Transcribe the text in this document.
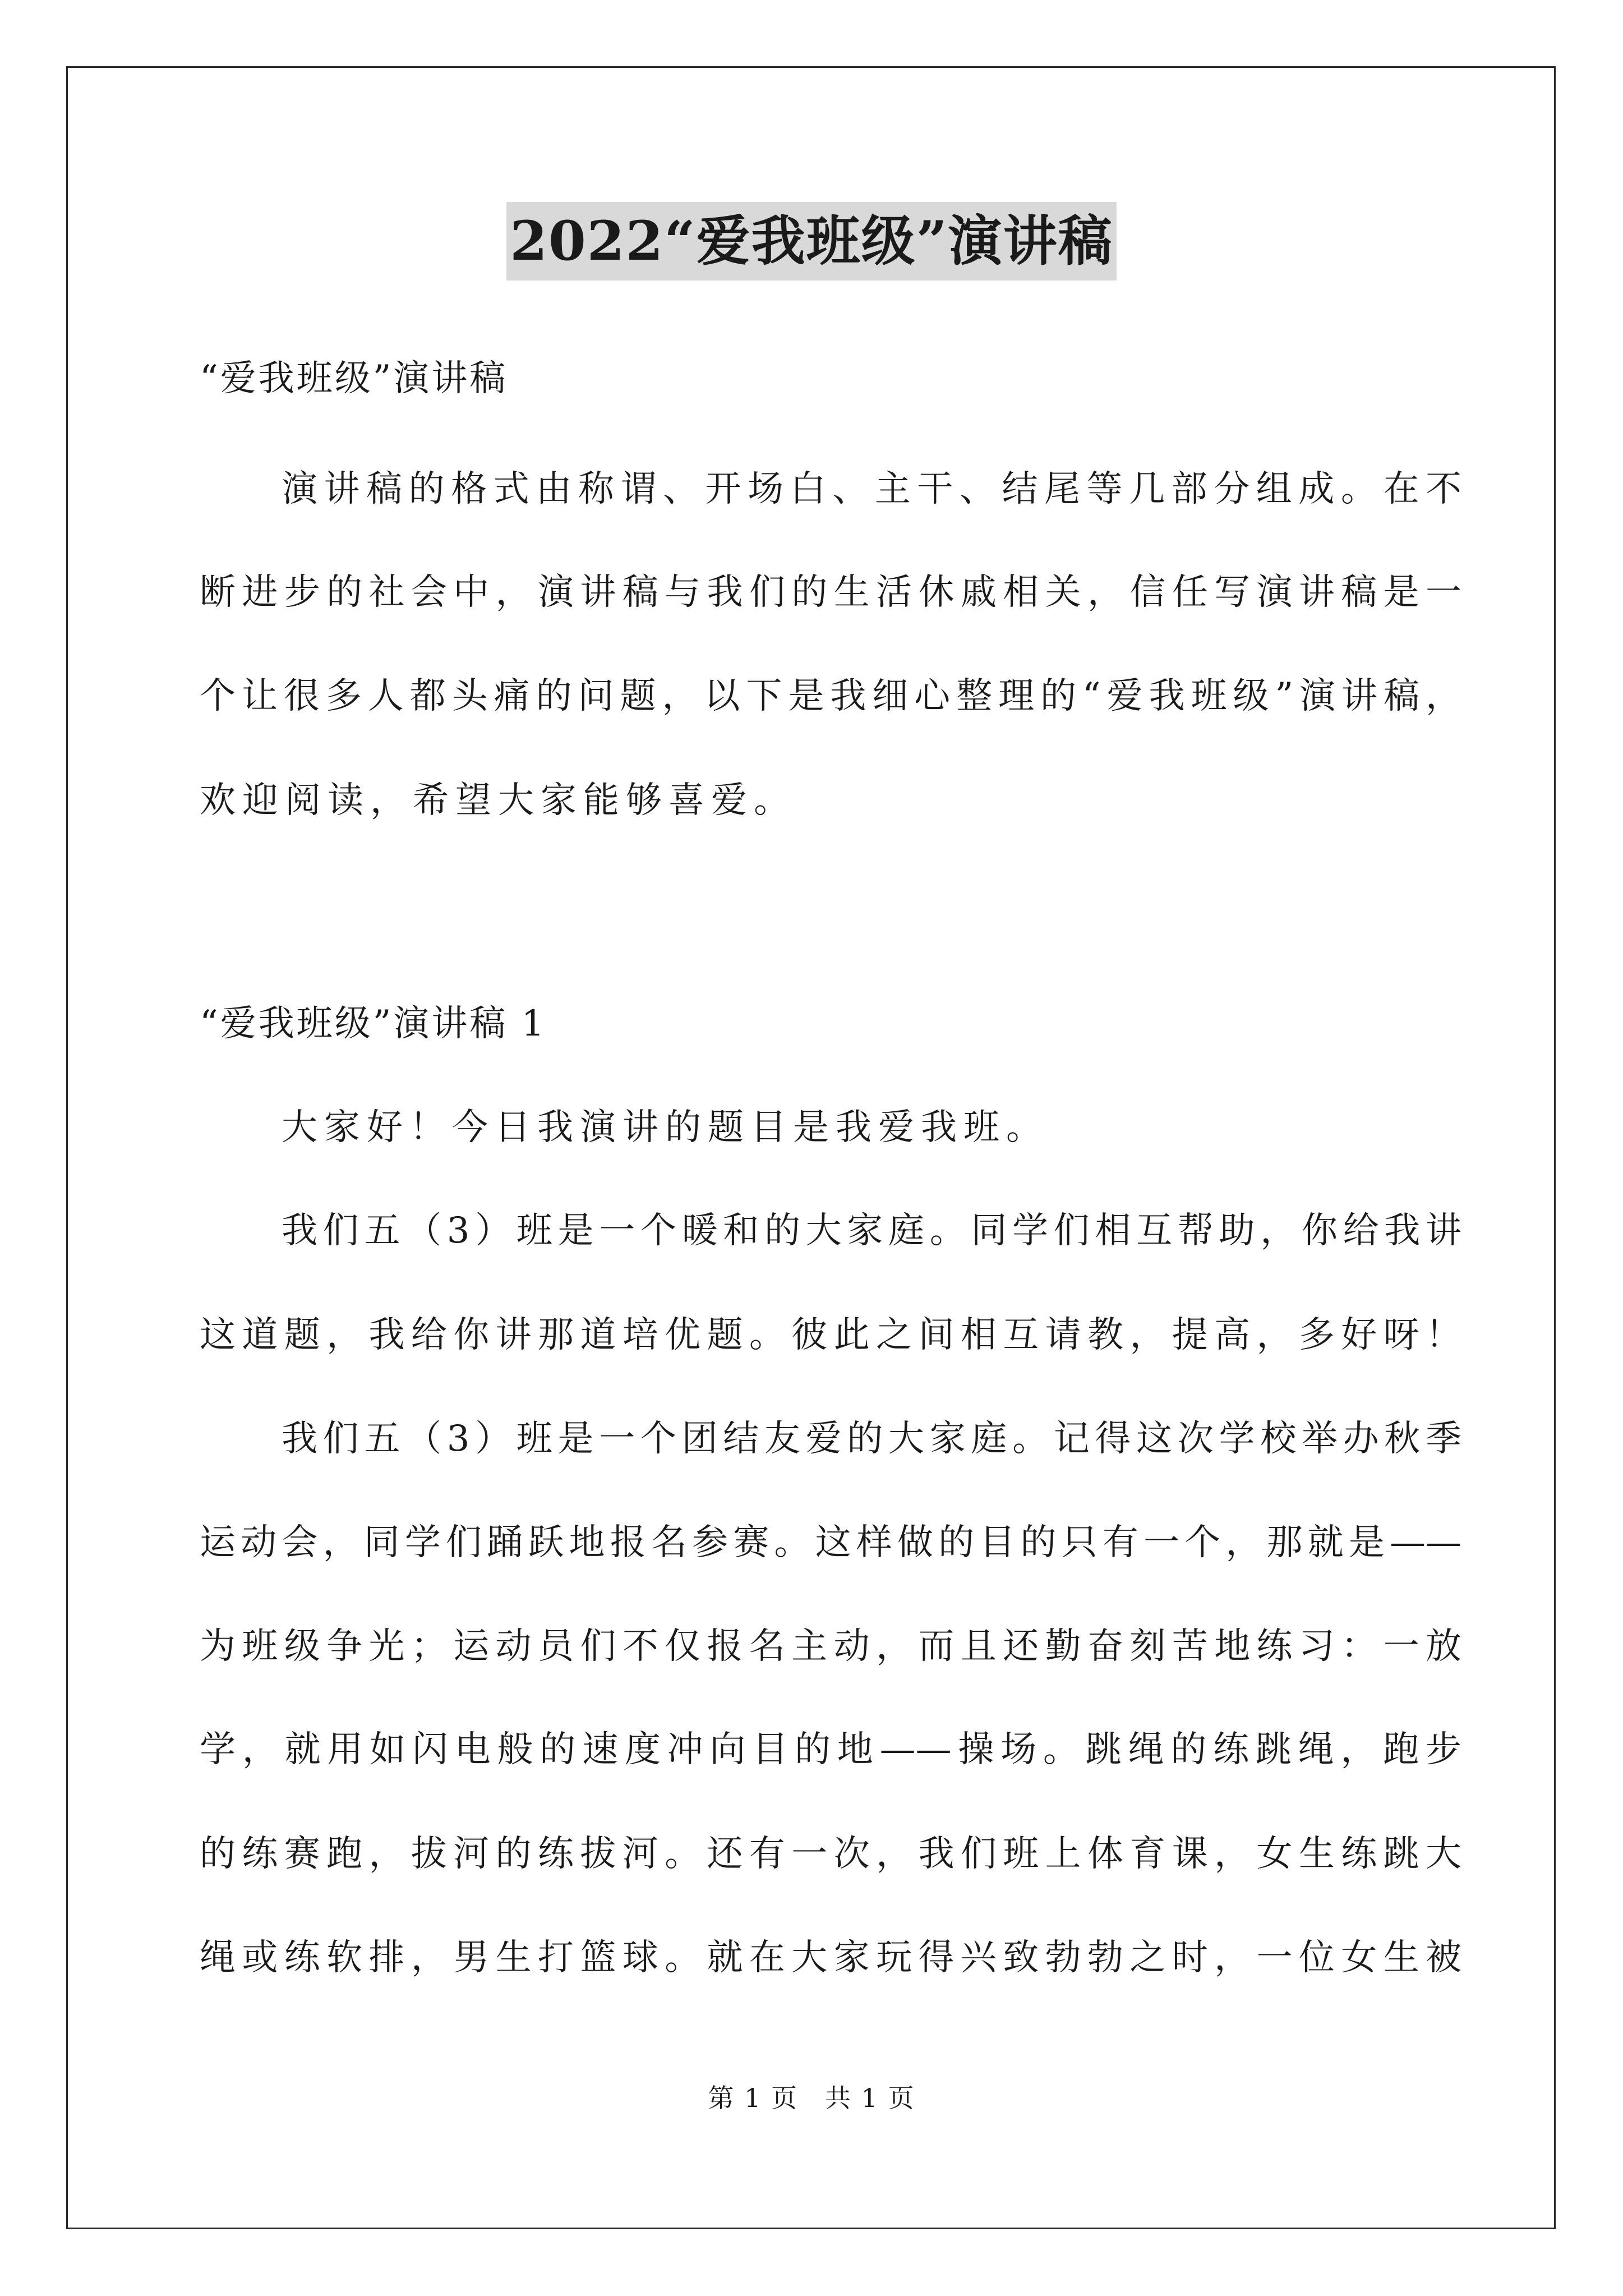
2022“爱我班级”演讲稿
“爱我班级”演讲稿
演讲稿的格式由称谓、开场白、主干、结尾等几部分组成。在不
断进步的社会中，演讲稿与我们的生活休戚相关，信任写演讲稿是一
个让很多人都头痛的问题，以下是我细心整理的“爱我班级”演讲稿，
欢迎阅读，希望大家能够喜爱。
“爱我班级”演讲稿 1
大家好！今日我演讲的题目是我爱我班。
我们五（3）班是一个暖和的大家庭。同学们相互帮助，你给我讲
这道题，我给你讲那道培优题。彼此之间相互请教，提高，多好呀！
我们五（3）班是一个团结友爱的大家庭。记得这次学校举办秋季
运动会，同学们踊跃地报名参赛。这样做的目的只有一个，那就是——
为班级争光；运动员们不仅报名主动，而且还勤奋刻苦地练习：一放
学，就用如闪电般的速度冲向目的地——操场。跳绳的练跳绳，跑步
的练赛跑，拔河的练拔河。还有一次，我们班上体育课，女生练跳大
绳或练软排，男生打篮球。就在大家玩得兴致勃勃之时，一位女生被
第 1 页　共 1 页
